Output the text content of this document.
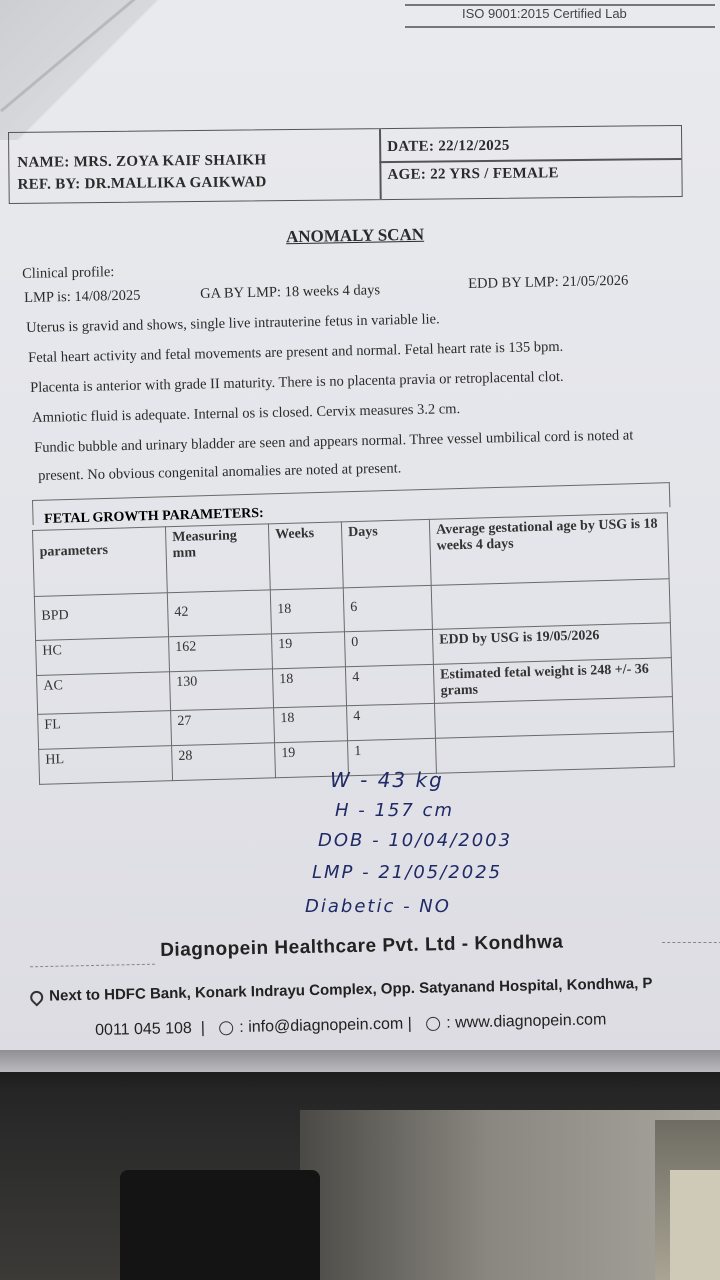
ISO 9001:2015 Certified Lab
NAME: MRS. ZOYA KAIF SHAIKH
REF. BY: DR.MALLIKA GAIKWAD
DATE: 22/12/2025
AGE: 22 YRS / FEMALE
ANOMALY SCAN
Clinical profile:
LMP is: 14/08/2025	GA BY LMP: 18 weeks 4 days	EDD BY LMP: 21/05/2026
Uterus is gravid and shows, single live intrauterine fetus in variable lie.
Fetal heart activity and fetal movements are present and normal. Fetal heart rate is 135 bpm.
Placenta is anterior with grade II maturity. There is no placenta pravia or retroplacental clot.
Amniotic fluid is adequate. Internal os is closed. Cervix measures 3.2 cm.
Fundic bubble and urinary bladder are seen and appears normal. Three vessel umbilical cord is noted at
present. No obvious congenital anomalies are noted at present.
FETAL GROWTH PARAMETERS:
parameters	Measuring mm	Weeks	Days	Average gestational age by USG is 18 weeks 4 days
BPD	42	18	6	
HC	162	19	0	EDD by USG is 19/05/2026
AC	130	18	4	Estimated fetal weight is 248 +/- 36 grams
FL	27	18	4	
HL	28	19	1	
W - 43 kg
H - 157 cm
DOB - 10/04/2003
LMP - 21/05/2025
Diabetic - NO
Diagnopein Healthcare Pvt. Ltd - Kondhwa
Next to HDFC Bank, Konark Indrayu Complex, Opp. Satyanand Hospital, Kondhwa, P
0011 045 108  | : info@diagnopein.com | : www.diagnopein.com
